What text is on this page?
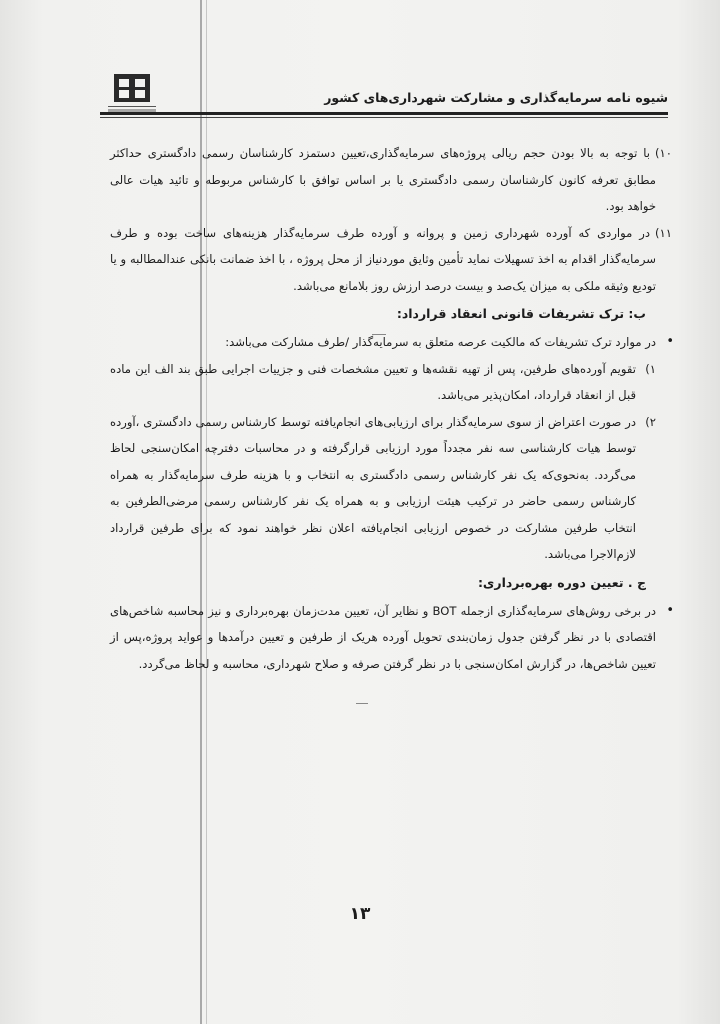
شیوه نامه سرمایه‌گذاری و مشارکت شهرداری‌های کشور

۱۰)
با توجه به بالا بودن حجم ریالی پروژه‌های سرمایه‌گذاری،تعیین دستمزد کارشناسان رسمی دادگستری حداکثر مطابق تعرفه کانون کارشناسان رسمی دادگستری یا بر اساس توافق با کارشناس مربوطه و تائید هیات عالی خواهد بود.

۱۱)
در مواردی که آورده شهرداری زمین و پروانه و آورده طرف سرمایه‌گذار هزینه‌های ساخت بوده و طرف سرمایه‌گذار اقدام به اخذ تسهیلات نماید تأمین وثایق موردنیاز از محل پروژه ، با اخذ ضمانت بانکی عندالمطالبه و یا تودیع وثیقه ملکی به میزان یک‌صد و بیست درصد ارزش روز بلامانع می‌باشد.

ب: ترک تشریفات قانونی انعقاد قرارداد:

•
در موارد ترک تشریفات که مالکیت عرصه متعلق به سرمایه‌گذار /طرف مشارکت می‌باشد:

۱)
تقویم آورده‌های طرفین، پس از تهیه نقشه‌ها و تعیین مشخصات فنی و جزییات اجرایی طبق بند الف این ماده قبل از انعقاد قرارداد، امکان‌پذیر می‌باشد.

۲)
در صورت اعتراض از سوی سرمایه‌گذار برای ارزیابی‌های انجام‌یافته توسط کارشناس رسمی دادگستری ،آورده توسط هیات کارشناسی سه نفر مجدداً مورد ارزیابی قرارگرفته و در محاسبات دفترچه امکان‌سنجی لحاظ می‌گردد. به‌نحوی‌که یک نفر کارشناس رسمی دادگستری به انتخاب و با هزینه طرف سرمایه‌گذار به همراه کارشناس رسمی حاضر در ترکیب هیئت ارزیابی و به همراه یک نفر کارشناس رسمی مرضی‌الطرفین به انتخاب طرفین مشارکت در خصوص ارزیابی انجام‌یافته اعلان نظر خواهند نمود که برای طرفین قرارداد لازم‌الاجرا می‌باشد.

ج . تعیین دوره بهره‌برداری:

•
در برخی روش‌های سرمایه‌گذاری ازجمله BOT و نظایر آن، تعیین مدت‌زمان بهره‌برداری و نیز محاسبه شاخص‌های اقتصادی با در نظر گرفتن جدول زمان‌بندی تحویل آورده هریک از طرفین و تعیین درآمدها و عواید پروژه،پس از تعیین شاخص‌ها، در گزارش امکان‌سنجی با در نظر گرفتن صرفه و صلاح شهرداری، محاسبه و لحاظ می‌گردد.

۱۳
